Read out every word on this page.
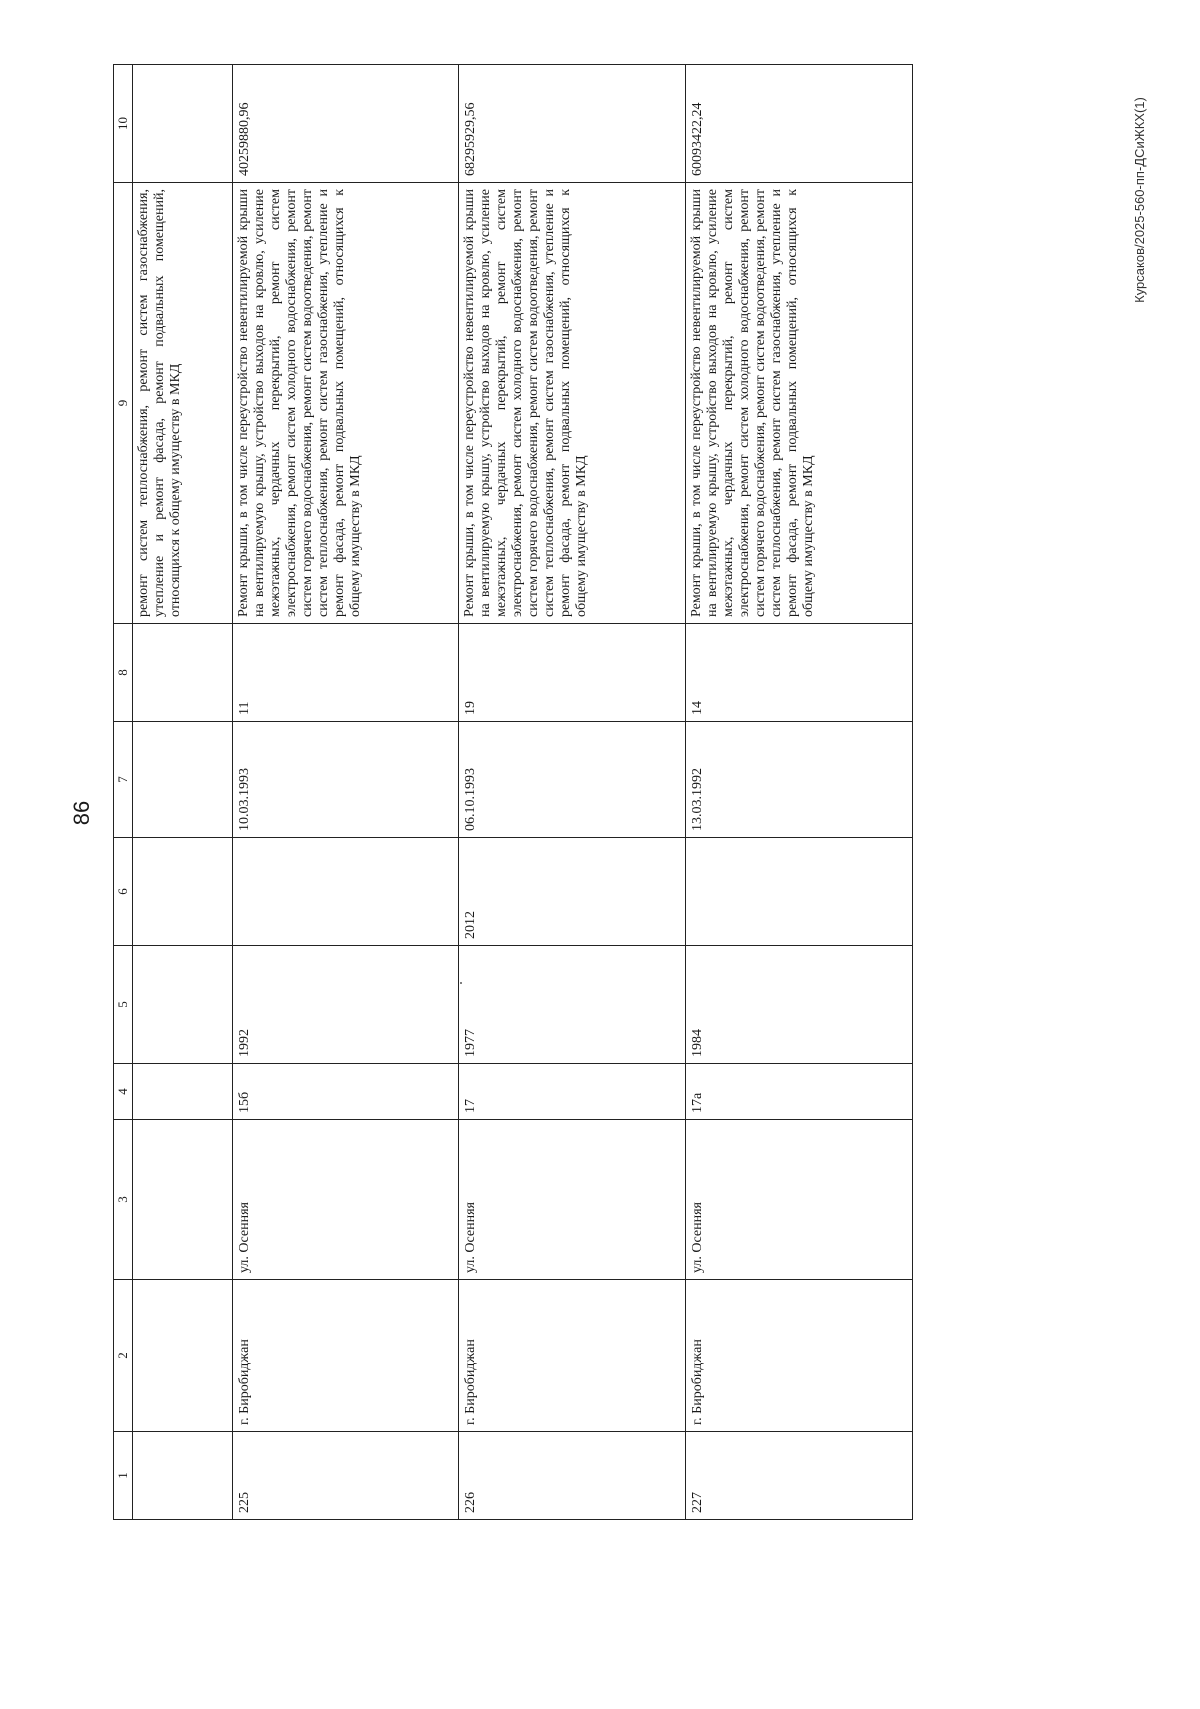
86
Курсаков/2025-560-пп-ДСиЖКХ(1)
1	2	3	4	5	6	7	8	9	10
								ремонт систем теплоснабжения, ремонт систем газоснабжения, утепление и ремонт фасада, ремонт подвальных помещений, относящихся к общему имуществу в МКД	
225	г. Биробиджан	ул. Осенняя	15б	1992		10.03.1993	11	Ремонт крыши, в том числе переустройство невентилируемой крыши на вентилируемую крышу, устройство выходов на кровлю, усиление межэтажных, чердачных перекрытий, ремонт систем электроснабжения, ремонт систем холодного водоснабжения, ремонт систем горячего водоснабжения, ремонт систем водоотведения, ремонт систем теплоснабжения, ремонт систем газоснабжения, утепление и ремонт фасада, ремонт подвальных помещений, относящихся к общему имуществу в МКД	40259880,96
226	г. Биробиджан	ул. Осенняя	17	1977	2012	06.10.1993	19	Ремонт крыши, в том числе переустройство невентилируемой крыши на вентилируемую крышу, устройство выходов на кровлю, усиление межэтажных, чердачных перекрытий, ремонт систем электроснабжения, ремонт систем холодного водоснабжения, ремонт систем горячего водоснабжения, ремонт систем водоотведения, ремонт систем теплоснабжения, ремонт систем газоснабжения, утепление и ремонт фасада, ремонт подвальных помещений, относящихся к общему имуществу в МКД	68295929,56
227	г. Биробиджан	ул. Осенняя	17а	1984		13.03.1992	14	Ремонт крыши, в том числе переустройство невентилируемой крыши на вентилируемую крышу, устройство выходов на кровлю, усиление межэтажных, чердачных перекрытий, ремонт систем электроснабжения, ремонт систем холодного водоснабжения, ремонт систем горячего водоснабжения, ремонт систем водоотведения, ремонт систем теплоснабжения, ремонт систем газоснабжения, утепление и ремонт фасада, ремонт подвальных помещений, относящихся к общему имуществу в МКД	60093422,24
